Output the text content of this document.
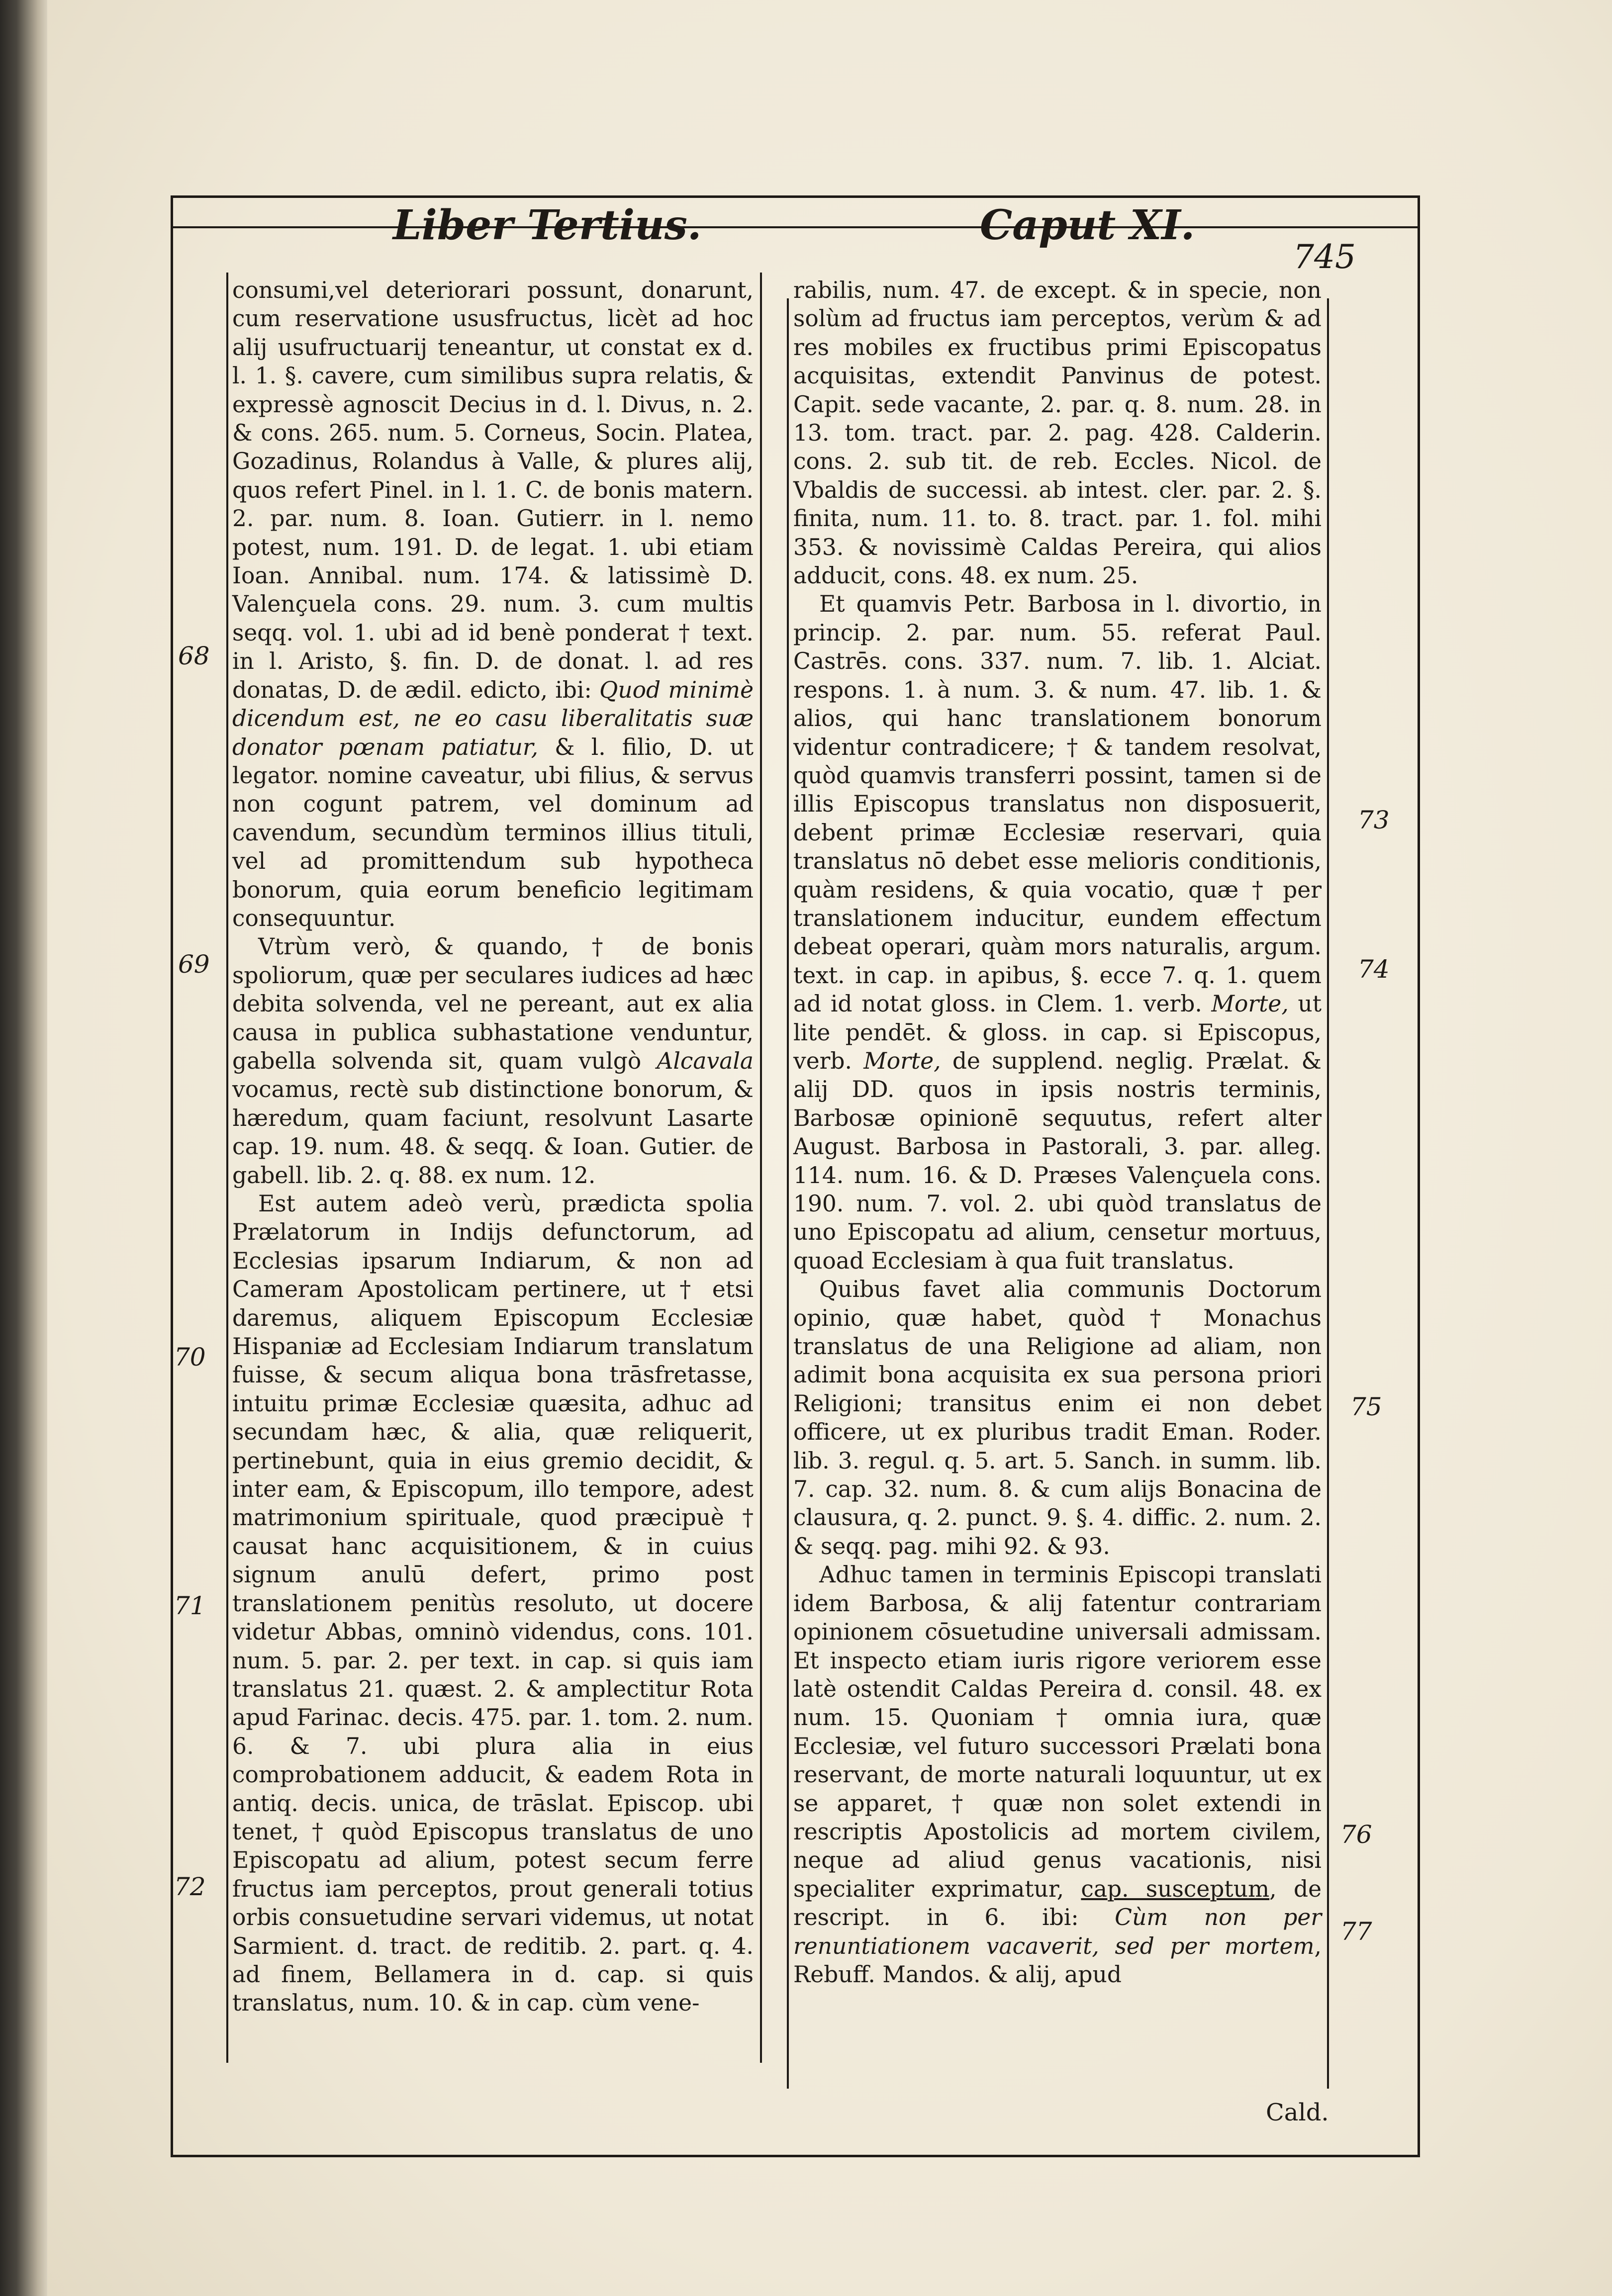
Liber Tertius.	Caput XI.
745

consumi,vel deteriorari possunt, donarunt, cum reservatione ususfructus, licèt ad hoc alij usufructuarij teneantur, ut constat ex d. l. 1. §. cavere, cum similibus supra relatis, & expressè agnoscit Decius in d. l. Divus, n. 2. & cons. 265. num. 5. Corneus, Socin. Platea, Gozadinus, Rolandus à Valle, & plures alij, quos refert Pinel. in l. 1. C. de bonis matern. 2. par. num. 8. Ioan. Gutierr. in l. nemo potest, num. 191. D. de legat. 1. ubi etiam Ioan. Annibal. num. 174. & latissimè D. Valençuela cons. 29. num. 3. cum multis seqq. vol. 1. ubi ad id benè ponderat † text. in l. Aristo, §. fin. D. de donat. l. ad res donatas, D. de ædil. edicto, ibi: Quod minimè dicendum est, ne eo casu liberalitatis suæ donator pœnam patiatur, & l. filio, D. ut legator. nomine caveatur, ubi filius, & servus non cogunt patrem, vel dominum ad cavendum, secundùm terminos illius tituli, vel ad promittendum sub hypotheca bonorum, quia eorum beneficio legitimam consequuntur.

Vtrùm verò, & quando, † de bonis spoliorum, quæ per seculares iudices ad hæc debita solvenda, vel ne pereant, aut ex alia causa in publica subhastatione venduntur, gabella solvenda sit, quam vulgò Alcavala vocamus, rectè sub distinctione bonorum, & hæredum, quam faciunt, resolvunt Lasarte cap. 19. num. 48. & seqq. & Ioan. Gutier. de gabell. lib. 2. q. 88. ex num. 12.

Est autem adeò verù, prædicta spolia Prælatorum in Indijs defunctorum, ad Ecclesias ipsarum Indiarum, & non ad Cameram Apostolicam pertinere, ut † etsi daremus, aliquem Episcopum Ecclesiæ Hispaniæ ad Ecclesiam Indiarum translatum fuisse, & secum aliqua bona trāsfretasse, intuitu primæ Ecclesiæ quæsita, adhuc ad secundam hæc, & alia, quæ reliquerit, pertinebunt, quia in eius gremio decidit, & inter eam, & Episcopum, illo tempore, adest matrimonium spirituale, quod præcipuè † causat hanc acquisitionem, & in cuius signum anulū defert, primo post translationem penitùs resoluto, ut docere videtur Abbas, omninò videndus, cons. 101. num. 5. par. 2. per text. in cap. si quis iam translatus 21. quæst. 2. & amplectitur Rota apud Farinac. decis. 475. par. 1. tom. 2. num. 6. & 7. ubi plura alia in eius comprobationem adducit, & eadem Rota in antiq. decis. unica, de trāslat. Episcop. ubi tenet, † quòd Episcopus translatus de uno Episcopatu ad alium, potest secum ferre fructus iam perceptos, prout generali totius orbis consuetudine servari videmus, ut notat Sarmient. d. tract. de reditib. 2. part. q. 4. ad finem, Bellamera in d. cap. si quis translatus, num. 10. & in cap. cùm vene-

rabilis, num. 47. de except. & in specie, non solùm ad fructus iam perceptos, verùm & ad res mobiles ex fructibus primi Episcopatus acquisitas, extendit Panvinus de potest. Capit. sede vacante, 2. par. q. 8. num. 28. in 13. tom. tract. par. 2. pag. 428. Calderin. cons. 2. sub tit. de reb. Eccles. Nicol. de Vbaldis de successi. ab intest. cler. par. 2. §. finita, num. 11. to. 8. tract. par. 1. fol. mihi 353. & novissimè Caldas Pereira, qui alios adducit, cons. 48. ex num. 25.

Et quamvis Petr. Barbosa in l. divortio, in princip. 2. par. num. 55. referat Paul. Castrēs. cons. 337. num. 7. lib. 1. Alciat. respons. 1. à num. 3. & num. 47. lib. 1. & alios, qui hanc translationem bonorum videntur contradicere; † & tandem resolvat, quòd quamvis transferri possint, tamen si de illis Episcopus translatus non disposuerit, debent primæ Ecclesiæ reservari, quia translatus nō debet esse melioris conditionis, quàm residens, & quia vocatio, quæ † per translationem inducitur, eundem effectum debeat operari, quàm mors naturalis, argum. text. in cap. in apibus, §. ecce 7. q. 1. quem ad id notat gloss. in Clem. 1. verb. Morte, ut lite pendēt. & gloss. in cap. si Episcopus, verb. Morte, de supplend. neglig. Prælat. & alij DD. quos in ipsis nostris terminis, Barbosæ opinionē sequutus, refert alter August. Barbosa in Pastorali, 3. par. alleg. 114. num. 16. & D. Præses Valençuela cons. 190. num. 7. vol. 2. ubi quòd translatus de uno Episcopatu ad alium, censetur mortuus, quoad Ecclesiam à qua fuit translatus.

Quibus favet alia communis Doctorum opinio, quæ habet, quòd † Monachus translatus de una Religione ad aliam, non adimit bona acquisita ex sua persona priori Religioni; transitus enim ei non debet officere, ut ex pluribus tradit Eman. Roder. lib. 3. regul. q. 5. art. 5. Sanch. in summ. lib. 7. cap. 32. num. 8. & cum alijs Bonacina de clausura, q. 2. punct. 9. §. 4. diffic. 2. num. 2. & seqq. pag. mihi 92. & 93.

Adhuc tamen in terminis Episcopi translati idem Barbosa, & alij fatentur contrariam opinionem cōsuetudine universali admissam. Et inspecto etiam iuris rigore veriorem esse latè ostendit Caldas Pereira d. consil. 48. ex num. 15. Quoniam † omnia iura, quæ Ecclesiæ, vel futuro successori Prælati bona reservant, de morte naturali loquuntur, ut ex se apparet, † quæ non solet extendi in rescriptis Apostolicis ad mortem civilem, neque ad aliud genus vacationis, nisi specialiter exprimatur, cap. susceptum, de rescript. in 6. ibi: Cùm non per renuntiationem vacaverit, sed per mortem, Rebuff. Mandos. & alij, apud

68
69
70
71
72
73
74
75
76
77
Cald.
